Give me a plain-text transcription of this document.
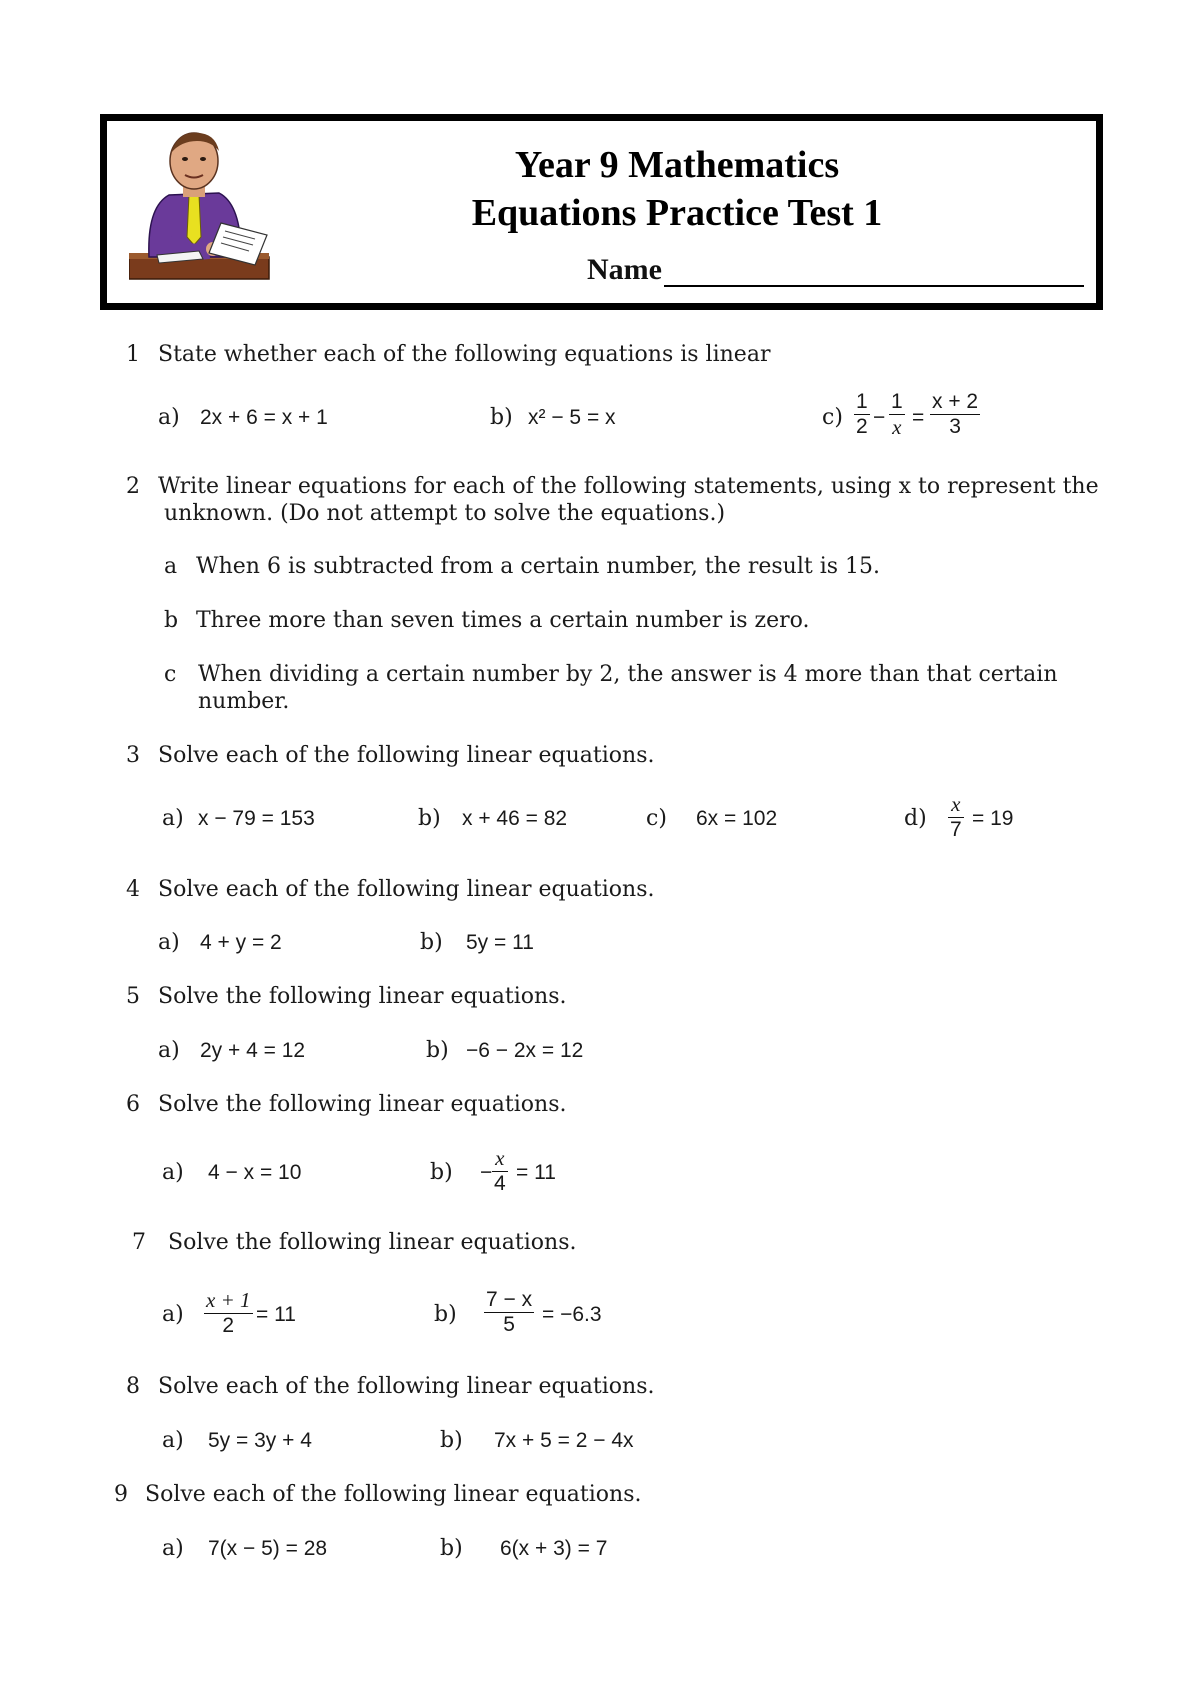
Year 9 Mathematics
Equations Practice Test 1
Name
1 State whether each of the following equations is linear
a) 2x + 6 = x + 1	b) x² − 5 = x	$c) \frac{1}{2} - \frac{1}{x} = \frac{x + 2}{3}$
2 Write linear equations for each of the following statements, using x to represent the
unknown. (Do not attempt to solve the equations.)
a When 6 is subtracted from a certain number, the result is 15.
b Three more than seven times a certain number is zero.
c When dividing a certain number by 2, the answer is 4 more than that certain
number.
3 Solve each of the following linear equations.
a) x − 79 = 153	b) x + 46 = 82	c) 6x = 102	$d) \frac{x}{7} = 19$
4 Solve each of the following linear equations.
a) 4 + y = 2	b) 5y = 11
5 Solve the following linear equations.
a) 2y + 4 = 12	b) −6 − 2x = 12
6 Solve the following linear equations.
a) 4 − x = 10	$b) - \frac{x}{4} = 11$
7 Solve the following linear equations.
$a) \frac{x + 1}{2} = 11$	$b) \frac{7 - x}{5} = -6.3$
8 Solve each of the following linear equations.
a) 5y = 3y + 4	b) 7x + 5 = 2 − 4x
9 Solve each of the following linear equations.
a) 7(x − 5) = 28	b) 6(x + 3) = 7
